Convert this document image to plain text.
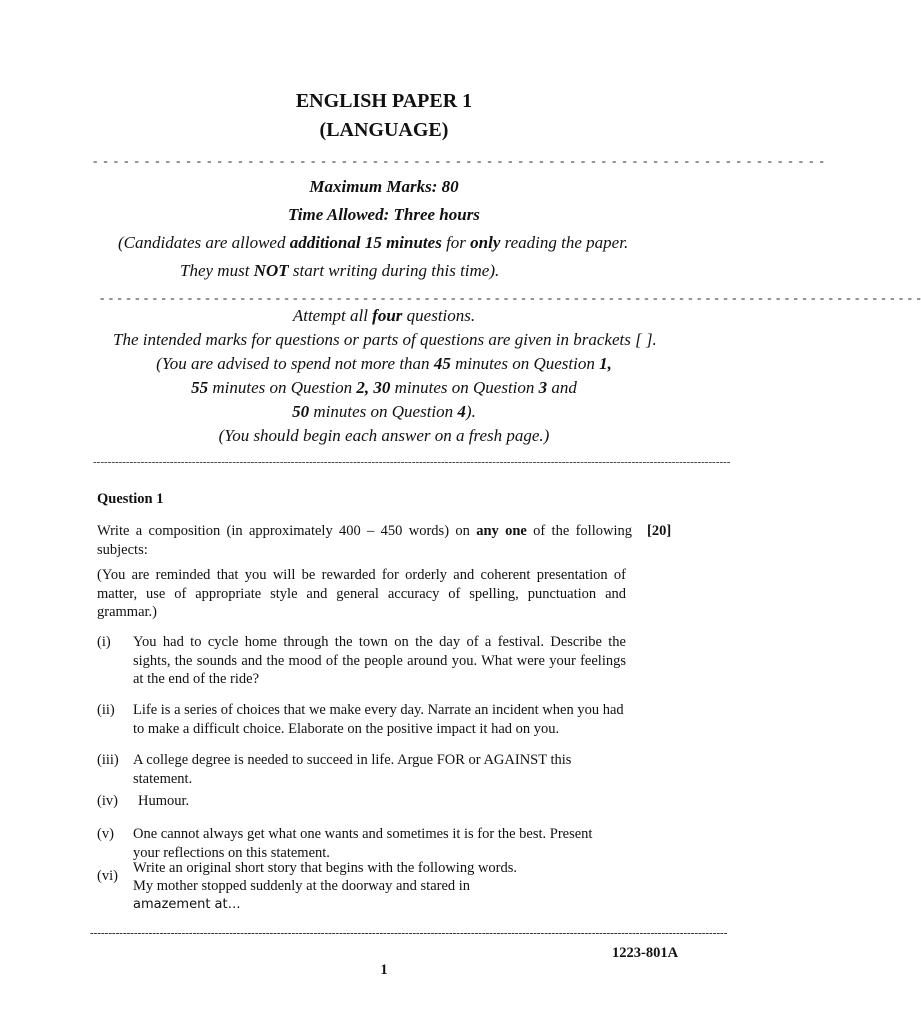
ENGLISH PAPER 1
(LANGUAGE)
- - - - - - - - - - - - - - - - - - - - - - - - - - - - - - - - - - - - - - - - - - - - - - - - - - - - - - - - - - - - - - - - - - - - - - -
Maximum Marks: 80
Time Allowed: Three hours
(Candidates are allowed additional 15 minutes for only reading the paper.
They must NOT start writing during this time).
- - - - - - - - - - - - - - - - - - - - - - - - - - - - - - - - - - - - - - - - - - - - - - - - - - - - - - - - - - - - - - - - - - - - - - - - - - - - - - - - - - - - - - - - - - - - - -
Attempt all four questions.
The intended marks for questions or parts of questions are given in brackets [ ].
(You are advised to spend not more than 45 minutes on Question 1,
55 minutes on Question 2, 30 minutes on Question 3 and
50 minutes on Question 4).
(You should begin each answer on a fresh page.)
------------------------------------------------------------------------------------------------------------------------------------------------------------------------------
Question 1
Write a composition (in approximately 400 – 450 words) on any one of the following subjects:
[20]
(You are reminded that you will be rewarded for orderly and coherent presentation of matter, use of appropriate style and general accuracy of spelling, punctuation and grammar.)
(i) You had to cycle home through the town on the day of a festival. Describe the sights, the sounds and the mood of the people around you. What were your feelings at the end of the ride?
(ii) Life is a series of choices that we make every day. Narrate an incident when you had to make a difficult choice. Elaborate on the positive impact it had on you.
(iii) A college degree is needed to succeed in life. Argue FOR or AGAINST this statement.
(iv) Humour.
(v) One cannot always get what one wants and sometimes it is for the best. Present your reflections on this statement.
(vi) Write an original short story that begins with the following words.
My mother stopped suddenly at the doorway and stared in
amazement at…
------------------------------------------------------------------------------------------------------------------------------------------------------------------------------
1223-801A
1
